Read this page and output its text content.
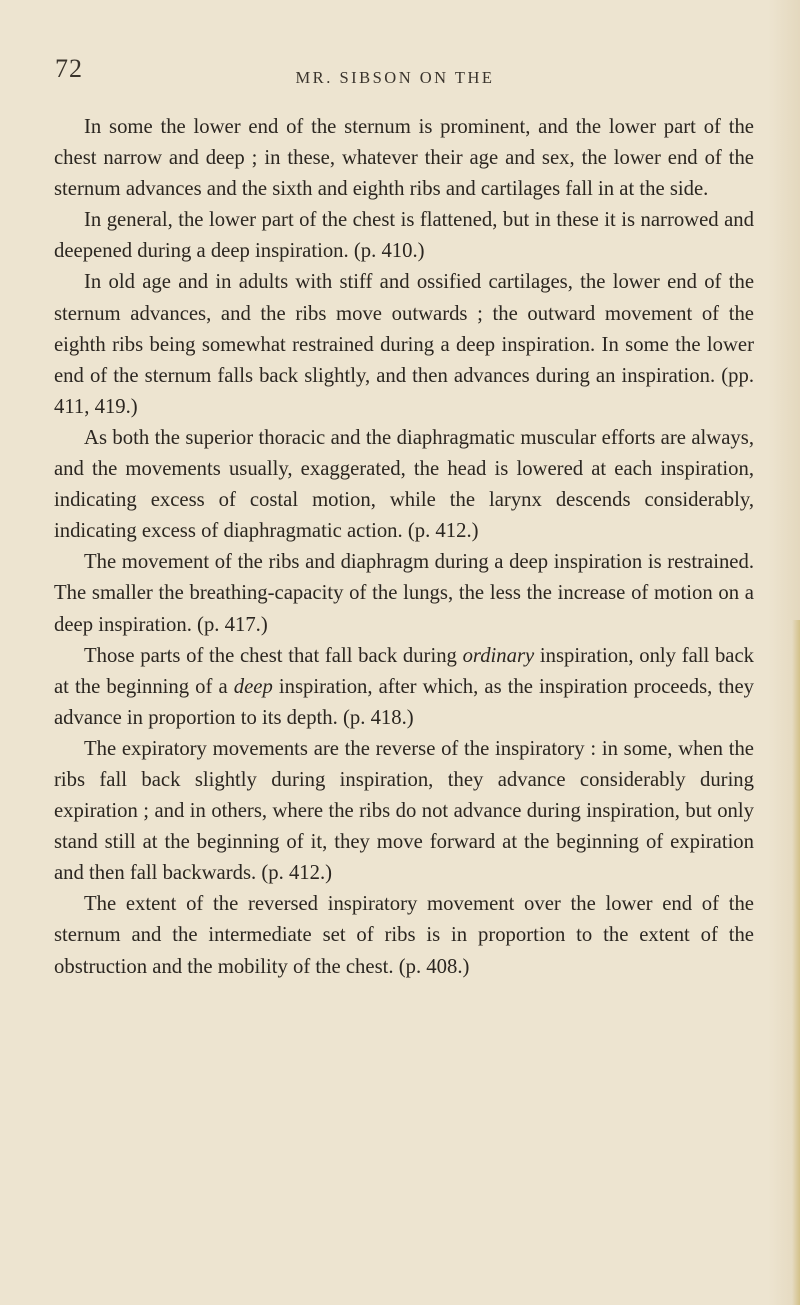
72	MR. SIBSON ON THE

In some the lower end of the sternum is prominent, and the lower part of the chest narrow and deep ; in these, whatever their age and sex, the lower end of the sternum advances and the sixth and eighth ribs and cartilages fall in at the side.

In general, the lower part of the chest is flattened, but in these it is narrowed and deepened during a deep inspiration. (p. 410.)

In old age and in adults with stiff and ossified cartilages, the lower end of the sternum advances, and the ribs move outwards ; the outward movement of the eighth ribs being somewhat restrained during a deep inspiration. In some the lower end of the sternum falls back slightly, and then advances during an inspiration. (pp. 411, 419.)

As both the superior thoracic and the diaphragmatic muscular efforts are always, and the movements usually, exaggerated, the head is lowered at each inspiration, indicating excess of costal motion, while the larynx descends considerably, indicating excess of diaphragmatic action. (p. 412.)

The movement of the ribs and diaphragm during a deep inspiration is restrained. The smaller the breathing-capacity of the lungs, the less the increase of motion on a deep inspiration. (p. 417.)

Those parts of the chest that fall back during ordinary inspiration, only fall back at the beginning of a deep inspiration, after which, as the inspiration proceeds, they advance in proportion to its depth. (p. 418.)

The expiratory movements are the reverse of the inspiratory : in some, when the ribs fall back slightly during inspiration, they advance considerably during expiration ; and in others, where the ribs do not advance during inspiration, but only stand still at the beginning of it, they move forward at the beginning of expiration and then fall backwards. (p. 412.)

The extent of the reversed inspiratory movement over the lower end of the sternum and the intermediate set of ribs is in proportion to the extent of the obstruction and the mobility of the chest. (p. 408.)
